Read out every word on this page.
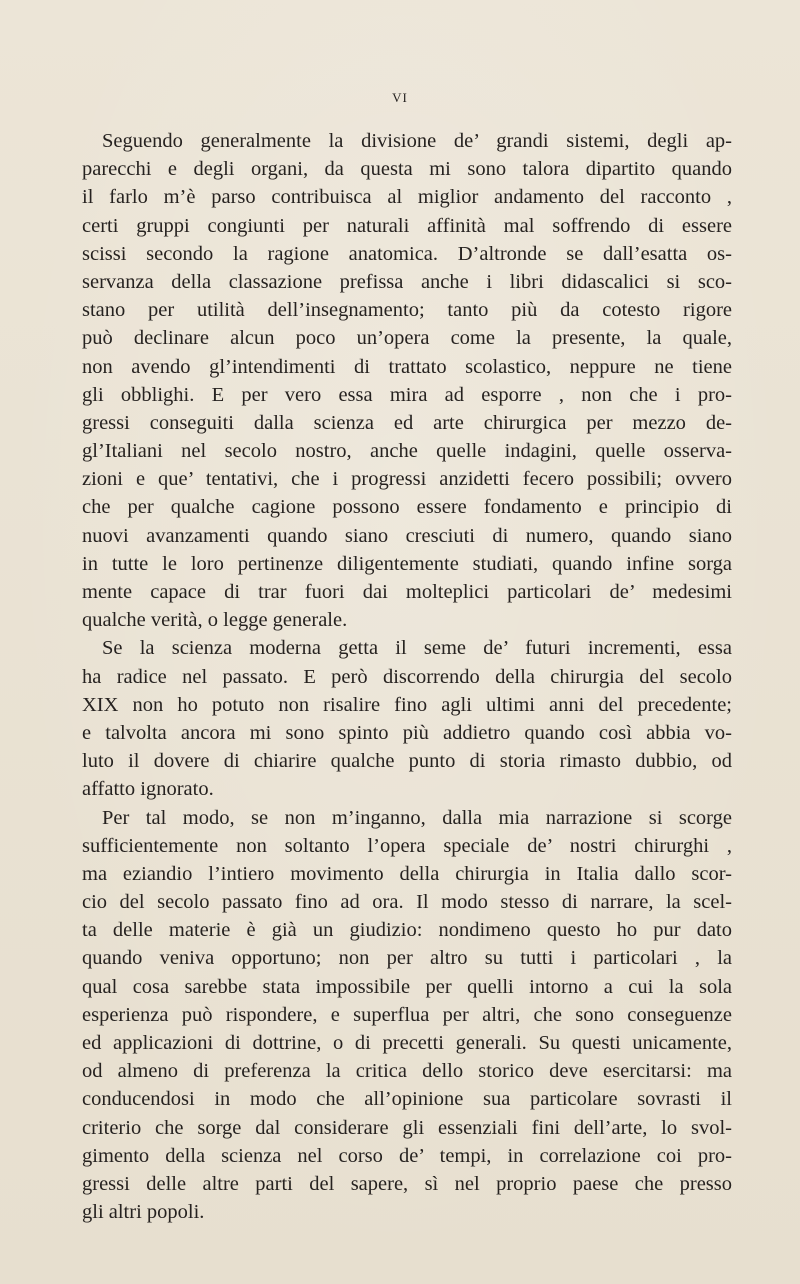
VI
Seguendo generalmente la divisione de’ grandi sistemi, degli ap-
parecchi e degli organi, da questa mi sono talora dipartito quando
il farlo m’è parso contribuisca al miglior andamento del racconto ,
certi gruppi congiunti per naturali affinità mal soffrendo di essere
scissi secondo la ragione anatomica. D’altronde se dall’esatta os-
servanza della classazione prefissa anche i libri didascalici si sco-
stano per utilità dell’insegnamento; tanto più da cotesto rigore
può declinare alcun poco un’opera come la presente, la quale,
non avendo gl’intendimenti di trattato scolastico, neppure ne tiene
gli obblighi. E per vero essa mira ad esporre , non che i pro-
gressi conseguiti dalla scienza ed arte chirurgica per mezzo de-
gl’Italiani nel secolo nostro, anche quelle indagini, quelle osserva-
zioni e que’ tentativi, che i progressi anzidetti fecero possibili; ovvero
che per qualche cagione possono essere fondamento e principio di
nuovi avanzamenti quando siano cresciuti di numero, quando siano
in tutte le loro pertinenze diligentemente studiati, quando infine sorga
mente capace di trar fuori dai molteplici particolari de’ medesimi
qualche verità, o legge generale.
Se la scienza moderna getta il seme de’ futuri incrementi, essa
ha radice nel passato. E però discorrendo della chirurgia del secolo
XIX non ho potuto non risalire fino agli ultimi anni del precedente;
e talvolta ancora mi sono spinto più addietro quando così abbia vo-
luto il dovere di chiarire qualche punto di storia rimasto dubbio, od
affatto ignorato.
Per tal modo, se non m’inganno, dalla mia narrazione si scorge
sufficientemente non soltanto l’opera speciale de’ nostri chirurghi ,
ma eziandio l’intiero movimento della chirurgia in Italia dallo scor-
cio del secolo passato fino ad ora. Il modo stesso di narrare, la scel-
ta delle materie è già un giudizio: nondimeno questo ho pur dato
quando veniva opportuno; non per altro su tutti i particolari , la
qual cosa sarebbe stata impossibile per quelli intorno a cui la sola
esperienza può rispondere, e superflua per altri, che sono conseguenze
ed applicazioni di dottrine, o di precetti generali. Su questi unicamente,
od almeno di preferenza la critica dello storico deve esercitarsi: ma
conducendosi in modo che all’opinione sua particolare sovrasti il
criterio che sorge dal considerare gli essenziali fini dell’arte, lo svol-
gimento della scienza nel corso de’ tempi, in correlazione coi pro-
gressi delle altre parti del sapere, sì nel proprio paese che presso
gli altri popoli.
